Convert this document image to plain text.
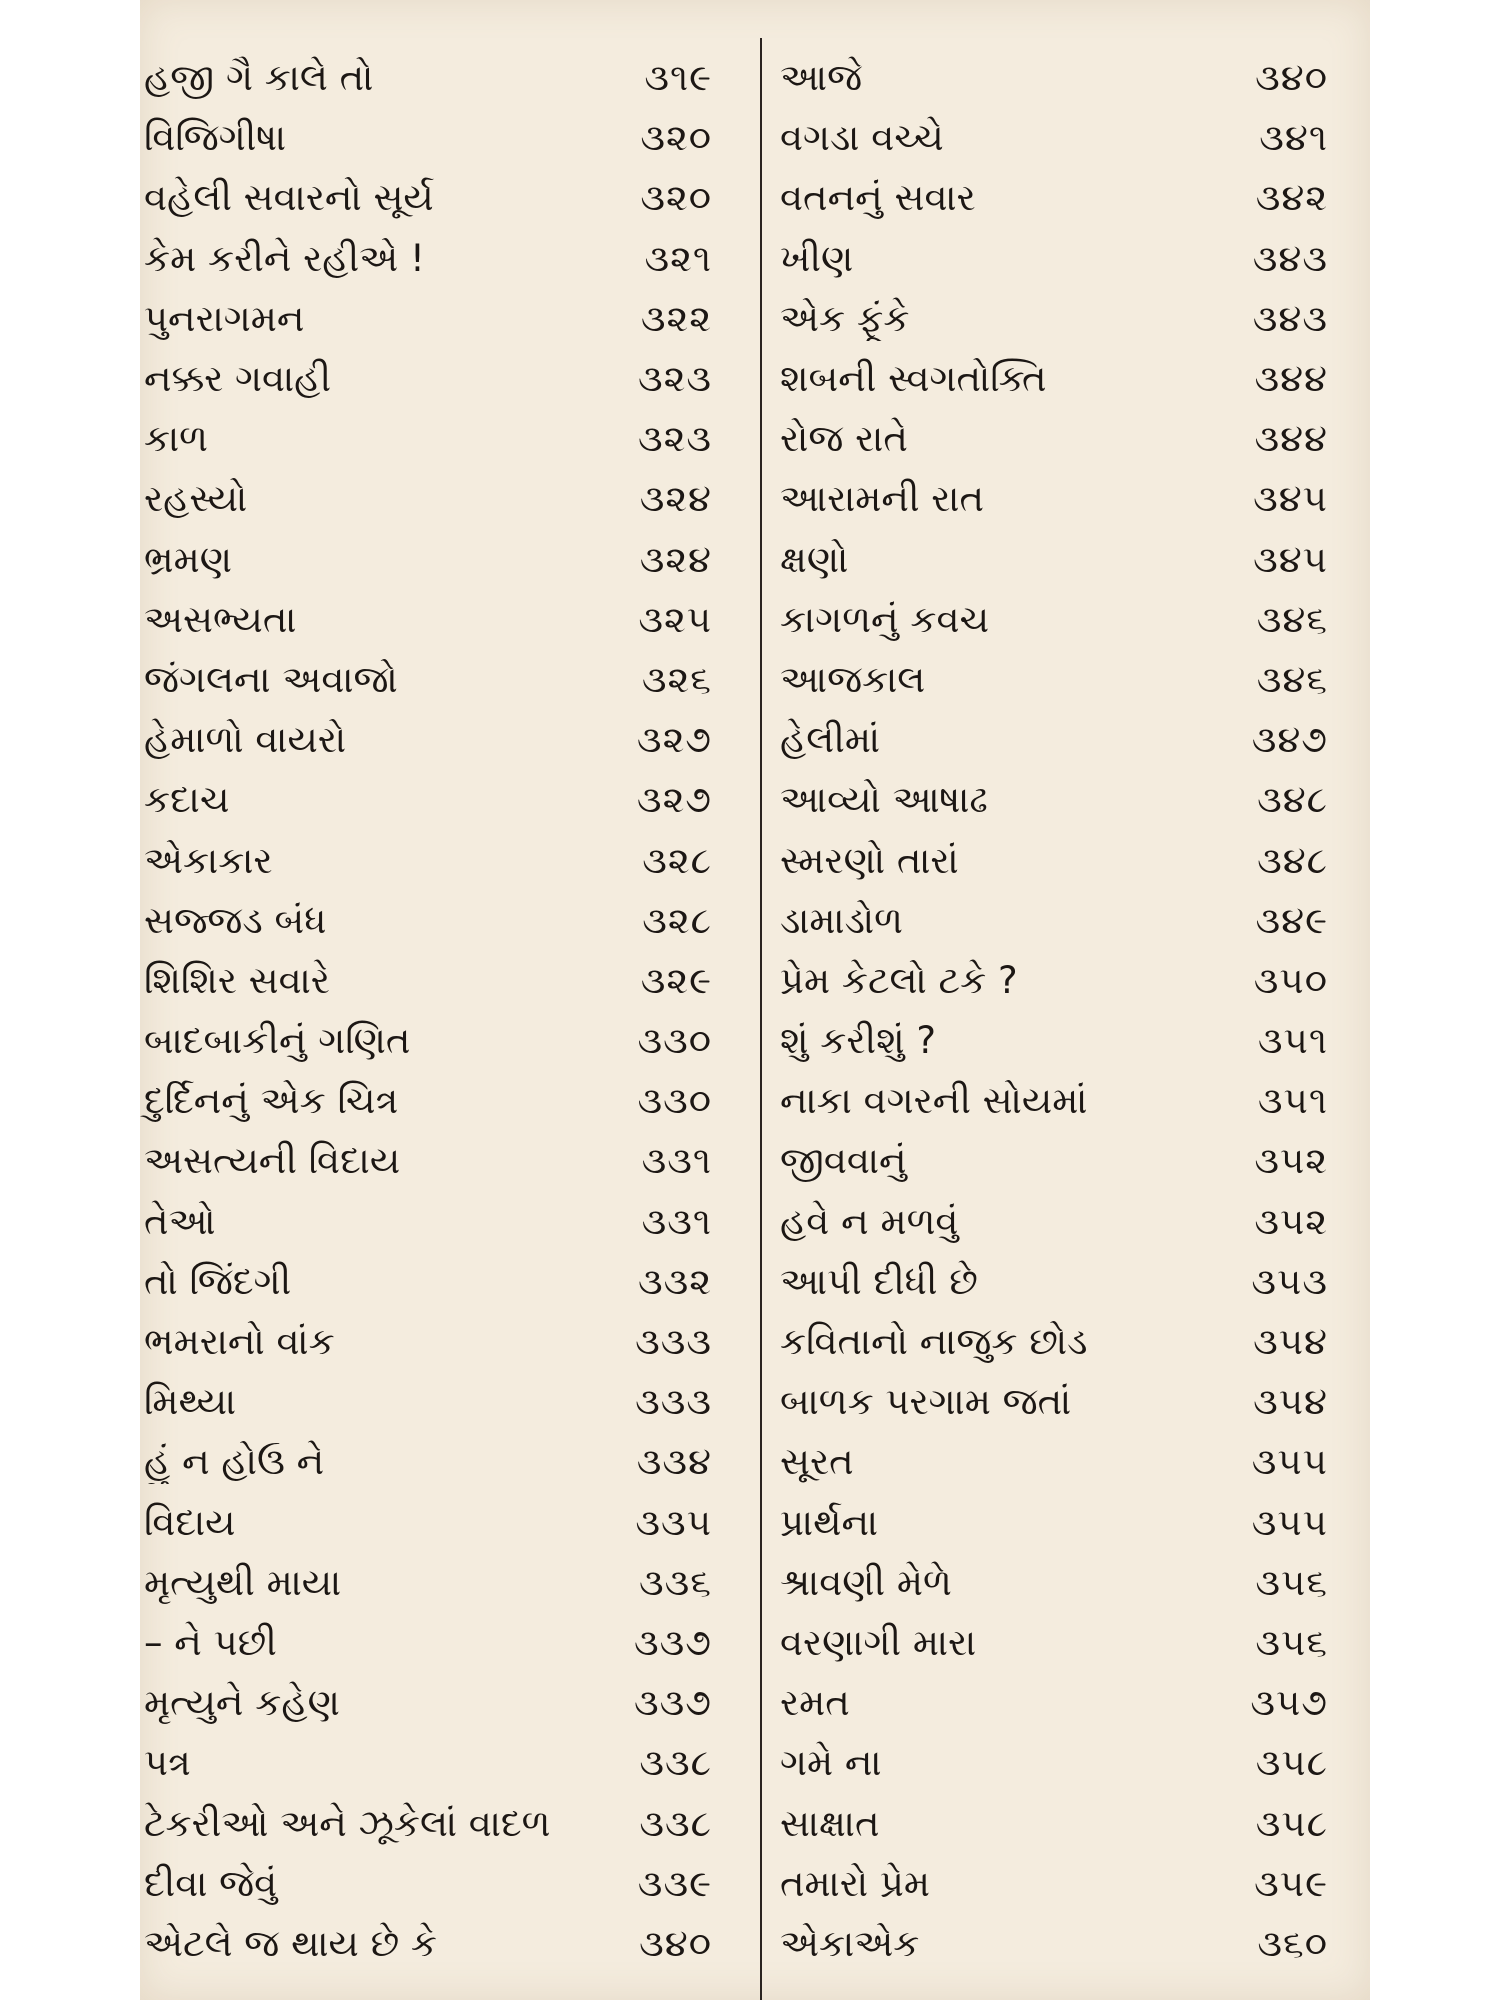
હજી ગૈ કાલે તો	૩૧૯
વિજિગીષા	૩૨૦
વહેલી સવારનો સૂર્ય	૩૨૦
કેમ કરીને રહીએ !	૩૨૧
પુનરાગમન	૩૨૨
નક્કર ગવાહી	૩૨૩
કાળ	૩૨૩
રહસ્યો	૩૨૪
ભ્રમણ	૩૨૪
અસભ્યતા	૩૨૫
જંગલના અવાજો	૩૨૬
હેમાળો વાયરો	૩૨૭
કદાચ	૩૨૭
એકાકાર	૩૨૮
સજ્જડ બંધ	૩૨૮
શિશિર સવારે	૩૨૯
બાદબાકીનું ગણિત	૩૩૦
દુર્દિનનું એક ચિત્ર	૩૩૦
અસત્યની વિદાય	૩૩૧
તેઓ	૩૩૧
તો જિંદગી	૩૩૨
ભમરાનો વાંક	૩૩૩
મિથ્યા	૩૩૩
હું ન હોઉં ને	૩૩૪
વિદાય	૩૩૫
મૃત્યુથી માયા	૩૩૬
– ને પછી	૩૩૭
મૃત્યુને કહેણ	૩૩૭
પત્ર	૩૩૮
ટેકરીઓ અને ઝૂકેલાં વાદળ	૩૩૮
દીવા જેવું	૩૩૯
એટલે જ થાય છે કે	૩૪૦
આજે	૩૪૦
વગડા વચ્ચે	૩૪૧
વતનનું સવાર	૩૪૨
ખીણ	૩૪૩
એક ફૂંકે	૩૪૩
શબની સ્વગતોક્તિ	૩૪૪
રોજ રાતે	૩૪૪
આરામની રાત	૩૪૫
ક્ષણો	૩૪૫
કાગળનું કવચ	૩૪૬
આજકાલ	૩૪૬
હેલીમાં	૩૪૭
આવ્યો આષાઢ	૩૪૮
સ્મરણો તારાં	૩૪૮
ડામાડોળ	૩૪૯
પ્રેમ કેટલો ટકે ?	૩૫૦
શું કરીશું ?	૩૫૧
નાકા વગરની સોયમાં	૩૫૧
જીવવાનું	૩૫૨
હવે ન મળવું	૩૫૨
આપી દીધી છે	૩૫૩
કવિતાનો નાજુક છોડ	૩૫૪
બાળક પરગામ જતાં	૩૫૪
સૂરત	૩૫૫
પ્રાર્થના	૩૫૫
શ્રાવણી મેળે	૩૫૬
વરણાગી મારા	૩૫૬
રમત	૩૫૭
ગમે ના	૩૫૮
સાક્ષાત	૩૫૮
તમારો પ્રેમ	૩૫૯
એકાએક	૩૬૦
